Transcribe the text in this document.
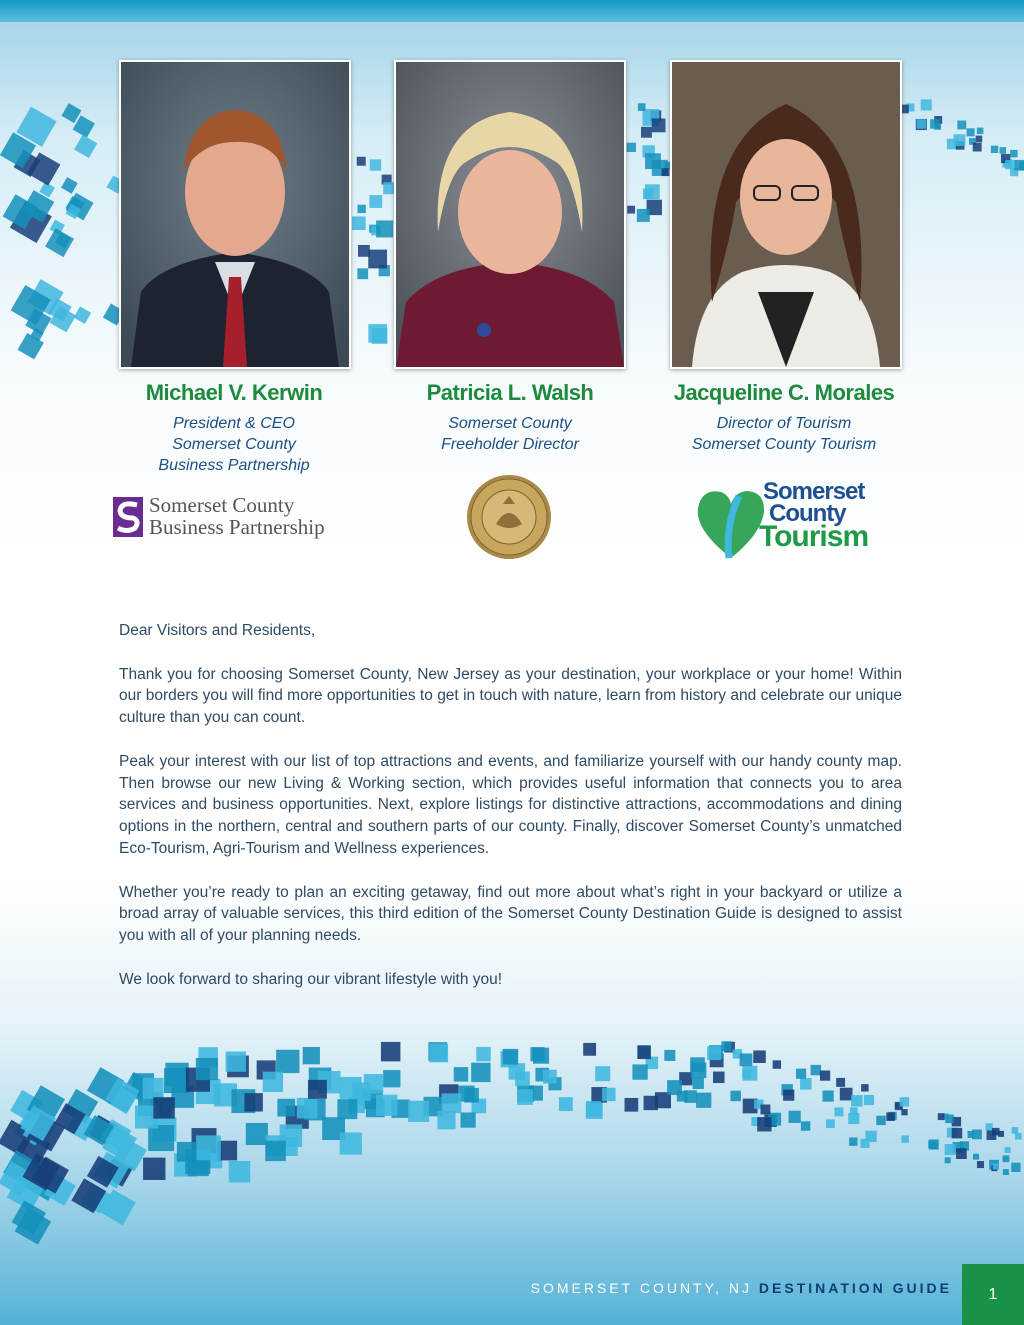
Michael V. Kerwin
President & CEO
Somerset County
Business Partnership
Patricia L. Walsh
Somerset County
Freeholder Director
Jacqueline C. Morales
Director of Tourism
Somerset County Tourism
Somerset County
Business Partnership
Somerset
County
Tourism

Dear Visitors and Residents,

Thank you for choosing Somerset County, New Jersey as your destination, your workplace or your home! Within our borders you will find more opportunities to get in touch with nature, learn from history and celebrate our unique culture than you can count.

Peak your interest with our list of top attractions and events, and familiarize yourself with our handy county map. Then browse our new Living & Working section, which provides useful information that connects you to area services and business opportunities. Next, explore listings for distinctive attractions, accommodations and dining options in the northern, central and southern parts of our county. Finally, discover Somerset County’s unmatched Eco-Tourism, Agri-Tourism and Wellness experiences.

Whether you’re ready to plan an exciting getaway, find out more about what’s right in your backyard or utilize a broad array of valuable services, this third edition of the Somerset County Destination Guide is designed to assist you with all of your planning needs.

We look forward to sharing our vibrant lifestyle with you!

SOMERSET COUNTY, NJ DESTINATION GUIDE 1
